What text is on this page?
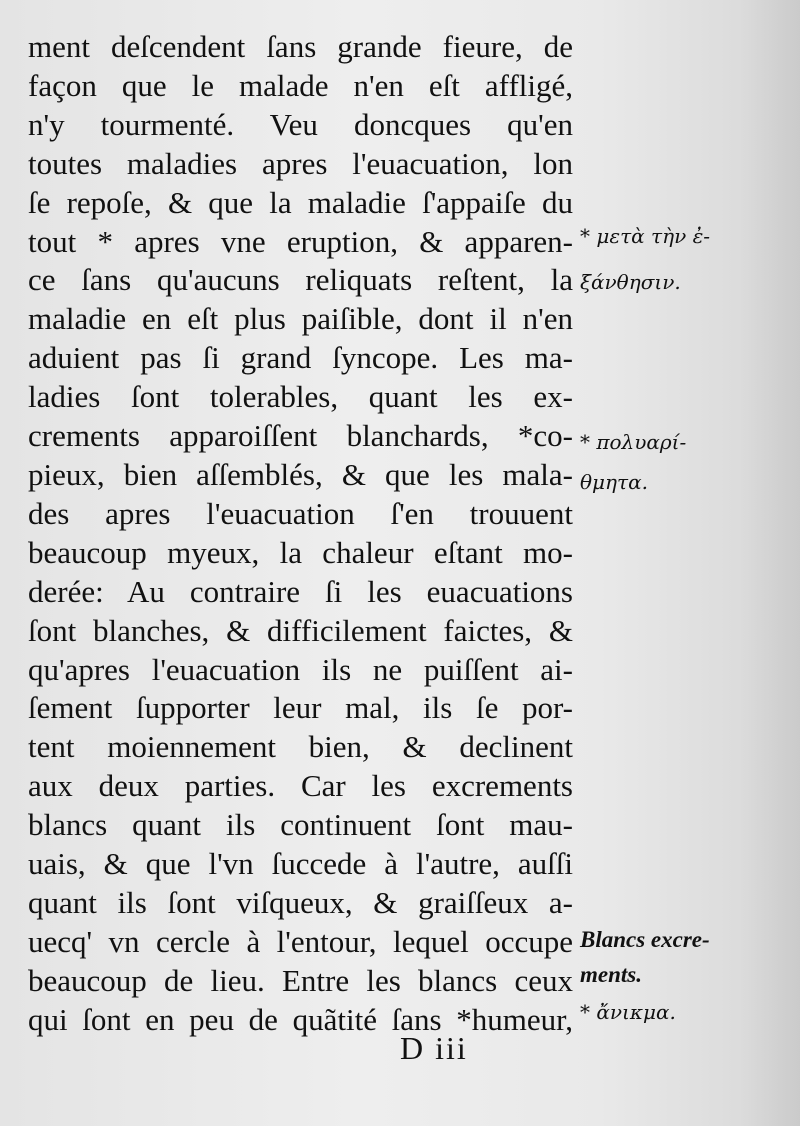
ment deſcendent ſans grande fieure, de
façon que le malade n'en eſt affligé,
n'y tourmenté. Veu doncques qu'en
toutes maladies apres l'euacuation, lon
ſe repoſe, & que la maladie ſ'appaiſe du
tout * apres vne eruption, & apparen-
ce ſans qu'aucuns reliquats reſtent, la
maladie en eſt plus paiſible, dont il n'en
aduient pas ſi grand ſyncope. Les ma-
ladies ſont tolerables, quant les ex-
crements apparoiſſent blanchards, *co-
pieux, bien aſſemblés, & que les mala-
des apres l'euacuation ſ'en trouuent
beaucoup myeux, la chaleur eſtant mo-
derée: Au contraire ſi les euacuations
ſont blanches, & difficilement faictes, &
qu'apres l'euacuation ils ne puiſſent ai-
ſement ſupporter leur mal, ils ſe por-
tent moiennement bien, & declinent
aux deux parties. Car les excrements
blancs quant ils continuent ſont mau-
uais, & que l'vn ſuccede à l'autre, auſſi
quant ils ſont viſqueux, & graiſſeux a-
uecq' vn cercle à l'entour, lequel occupe
beaucoup de lieu. Entre les blancs ceux
qui ſont en peu de quãtité ſans *humeur,
* μετὰ τὴν ἐ-
ξάνθησιν.
* πολυαρί-
θμητα.
Blancs excre-
ments.
* ἄνικμα.
D iii
